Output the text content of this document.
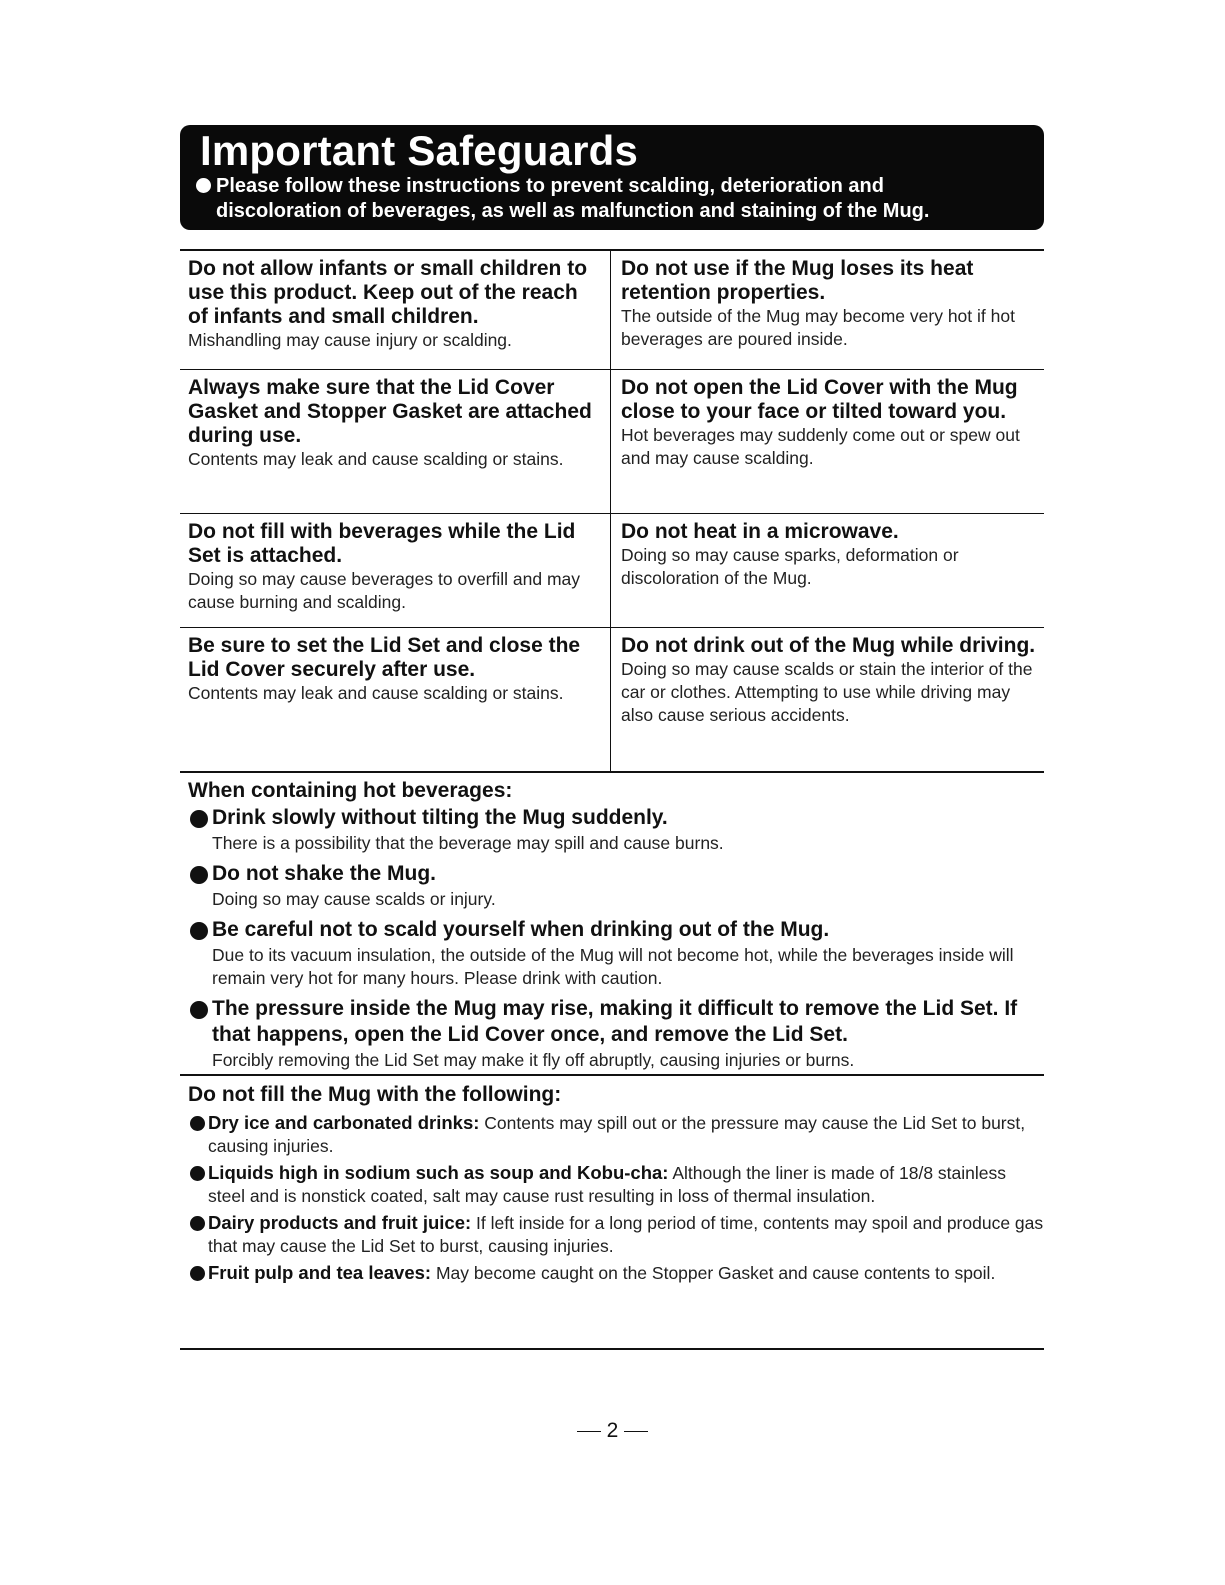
Important Safeguards
Please follow these instructions to prevent scalding, deterioration and
discoloration of beverages, as well as malfunction and staining of the Mug.
Do not allow infants or small children to use this product. Keep out of the reach of infants and small children.
Mishandling may cause injury or scalding.
Do not use if the Mug loses its heat retention properties.
The outside of the Mug may become very hot if hot beverages are poured inside.
Always make sure that the Lid Cover Gasket and Stopper Gasket are attached during use.
Contents may leak and cause scalding or stains.
Do not open the Lid Cover with the Mug close to your face or tilted toward you.
Hot beverages may suddenly come out or spew out and may cause scalding.
Do not fill with beverages while the Lid Set is attached.
Doing so may cause beverages to overfill and may cause burning and scalding.
Do not heat in a microwave.
Doing so may cause sparks, deformation or discoloration of the Mug.
Be sure to set the Lid Set and close the Lid Cover securely after use.
Contents may leak and cause scalding or stains.
Do not drink out of the Mug while driving.
Doing so may cause scalds or stain the interior of the car or clothes. Attempting to use while driving may also cause serious accidents.
When containing hot beverages:
Drink slowly without tilting the Mug suddenly.
There is a possibility that the beverage may spill and cause burns.
Do not shake the Mug.
Doing so may cause scalds or injury.
Be careful not to scald yourself when drinking out of the Mug.
Due to its vacuum insulation, the outside of the Mug will not become hot, while the beverages inside will remain very hot for many hours. Please drink with caution.
The pressure inside the Mug may rise, making it difficult to remove the Lid Set. If that happens, open the Lid Cover once, and remove the Lid Set.
Forcibly removing the Lid Set may make it fly off abruptly, causing injuries or burns.
Do not fill the Mug with the following:
Dry ice and carbonated drinks: Contents may spill out or the pressure may cause the Lid Set to burst, causing injuries.
Liquids high in sodium such as soup and Kobu-cha: Although the liner is made of 18/8 stainless steel and is nonstick coated, salt may cause rust resulting in loss of thermal insulation.
Dairy products and fruit juice: If left inside for a long period of time, contents may spoil and produce gas that may cause the Lid Set to burst, causing injuries.
Fruit pulp and tea leaves: May become caught on the Stopper Gasket and cause contents to spoil.
2
